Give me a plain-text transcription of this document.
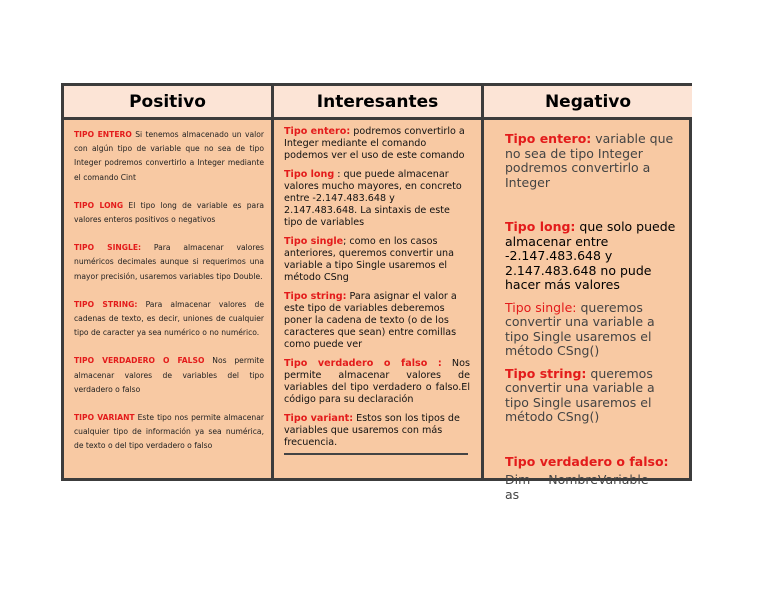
Positivo	Interesantes	Negativo
TIPO ENTERO Si tenemos almacenado un valor con algún tipo de variable que no sea de tipo Integer podremos convertirlo a Integer mediante el comando Cint
TIPO LONG El tipo long de variable es para valores enteros positivos o negativos
TIPO SINGLE: Para almacenar valores numéricos decimales aunque si requerimos una mayor precisión, usaremos variables tipo Double.
TIPO STRING: Para almacenar valores de cadenas de texto, es decir, uniones de cualquier tipo de caracter ya sea numérico o no numérico.
TIPO VERDADERO O FALSO Nos permite almacenar valores de variables del tipo verdadero o falso
TIPO VARIANT Este tipo nos permite almacenar cualquier tipo de información ya sea numérica, de texto o del tipo verdadero o falso
Tipo entero: podremos convertirlo a Integer mediante el comando podemos ver el uso de este comando
Tipo long : que puede almacenar valores mucho mayores, en concreto entre -2.147.483.648 y 2.147.483.648. La sintaxis de este tipo de variables
Tipo single; como en los casos anteriores, queremos convertir una variable a tipo Single usaremos el método CSng
Tipo string: Para asignar el valor a este tipo de variables deberemos poner la cadena de texto (o de los caracteres que sean) entre comillas como puede ver
Tipo verdadero o falso : Nos permite almacenar valores de variables del tipo verdadero o falso.El código para su declaración
Tipo variant: Estos son los tipos de variables que usaremos con más frecuencia.
Tipo entero: variable que no sea de tipo Integer podremos convertirlo a Integer
Tipo long: que solo puede almacenar entre -2.147.483.648 y 2.147.483.648 no pude hacer más valores
Tipo single: queremos convertir una variable a tipo Single usaremos el método CSng()
Tipo string: queremos convertir una variable a tipo Single usaremos el método CSng()
Tipo verdadero o falso:
Dim NombreVariable as
